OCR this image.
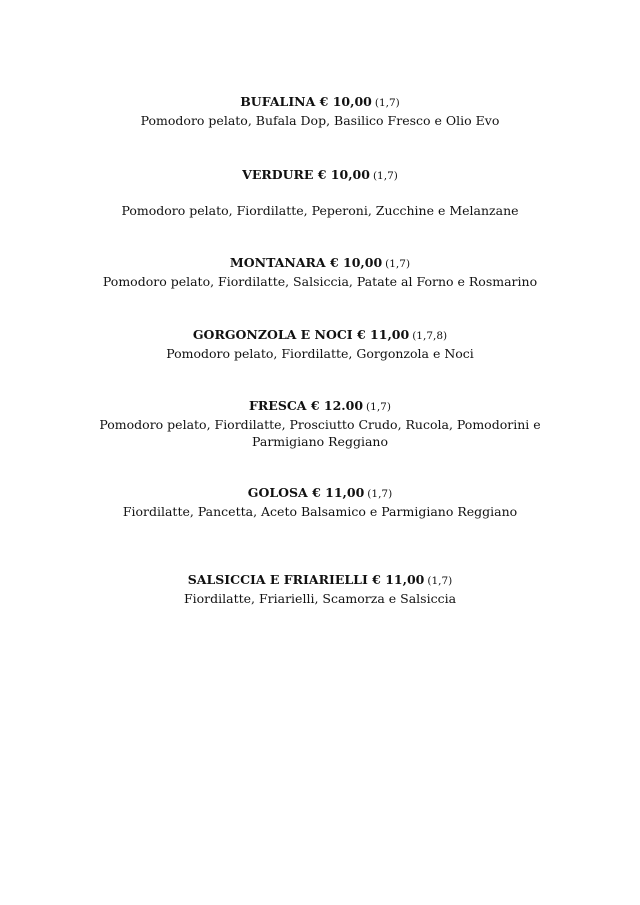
BUFALINA € 10,00 (1,7)

Pomodoro pelato, Bufala Dop, Basilico Fresco e Olio Evo

VERDURE € 10,00 (1,7)

Pomodoro pelato, Fiordilatte, Peperoni, Zucchine e Melanzane

MONTANARA € 10,00 (1,7)

Pomodoro pelato, Fiordilatte, Salsiccia, Patate al Forno e Rosmarino

GORGONZOLA E NOCI € 11,00 (1,7,8)

Pomodoro pelato, Fiordilatte, Gorgonzola e Noci

FRESCA € 12.00 (1,7)

Pomodoro pelato, Fiordilatte, Prosciutto Crudo, Rucola, Pomodorini e Parmigiano Reggiano

GOLOSA € 11,00 (1,7)

Fiordilatte, Pancetta, Aceto Balsamico e Parmigiano Reggiano

SALSICCIA E FRIARIELLI € 11,00 (1,7)

Fiordilatte, Friarielli, Scamorza e Salsiccia
